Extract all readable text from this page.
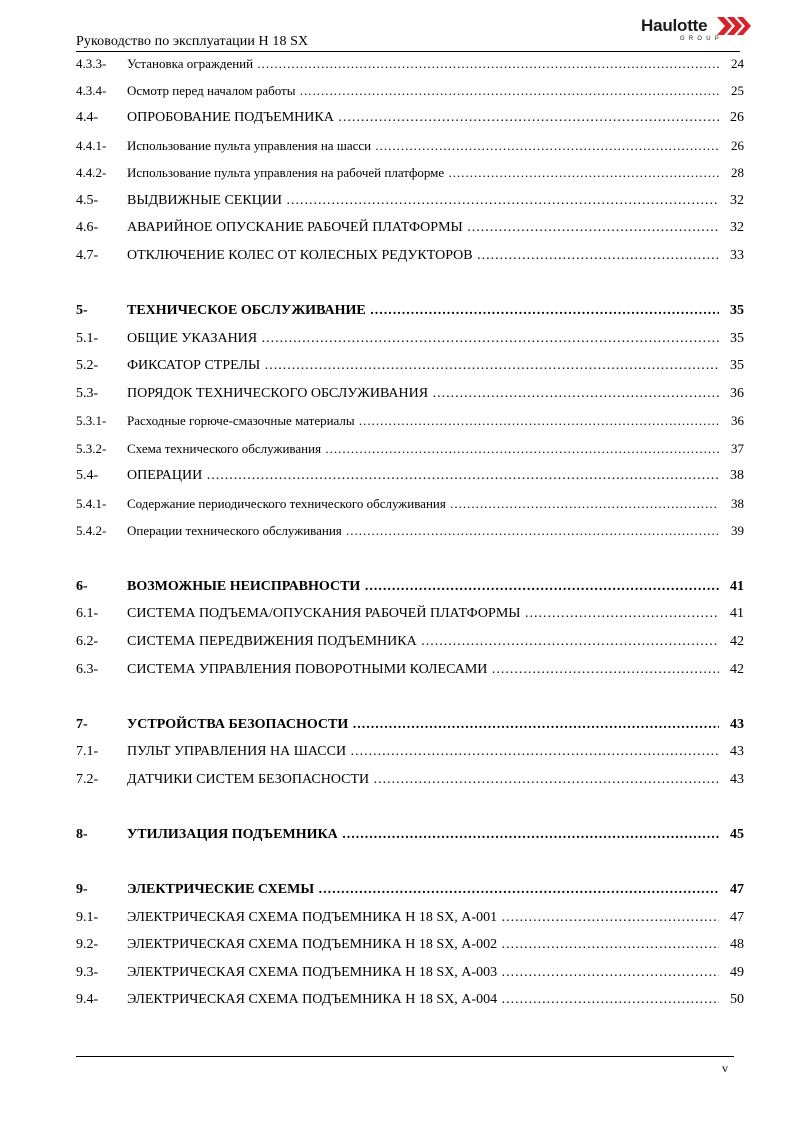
Руководство по эксплуатации Н 18 SX
Haulotte
GROUP
4.3.3- Установка ограждений .....	24
4.3.4- Осмотр перед началом работы .....	25
4.4- ОПРОБОВАНИЕ ПОДЪЕМНИКА .....	26
4.4.1- Использование пульта управления на шасси .....	26
4.4.2- Использование пульта управления на рабочей платформе .....	28
4.5- ВЫДВИЖНЫЕ СЕКЦИИ .....	32
4.6- АВАРИЙНОЕ ОПУСКАНИЕ РАБОЧЕЙ ПЛАТФОРМЫ .....	32
4.7- ОТКЛЮЧЕНИЕ КОЛЕС ОТ КОЛЕСНЫХ РЕДУКТОРОВ .....	33
5-	ТЕХНИЧЕСКОЕ ОБСЛУЖИВАНИЕ .....	35
5.1- ОБЩИЕ УКАЗАНИЯ .....	35
5.2- ФИКСАТОР СТРЕЛЫ .....	35
5.3- ПОРЯДОК ТЕХНИЧЕСКОГО ОБСЛУЖИВАНИЯ .....	36
5.3.1- Расходные горюче-смазочные материалы .....	36
5.3.2- Схема технического обслуживания .....	37
5.4- ОПЕРАЦИИ .....	38
5.4.1- Содержание периодического технического обслуживания .....	38
5.4.2- Операции технического обслуживания .....	39
6-	ВОЗМОЖНЫЕ НЕИСПРАВНОСТИ .....	41
6.1- СИСТЕМА ПОДЪЕМА/ОПУСКАНИЯ РАБОЧЕЙ ПЛАТФОРМЫ .....	41
6.2- СИСТЕМА ПЕРЕДВИЖЕНИЯ ПОДЪЕМНИКА .....	42
6.3- СИСТЕМА УПРАВЛЕНИЯ ПОВОРОТНЫМИ КОЛЕСАМИ .....	42
7-	УСТРОЙСТВА БЕЗОПАСНОСТИ .....	43
7.1- ПУЛЬТ УПРАВЛЕНИЯ НА ШАССИ .....	43
7.2- ДАТЧИКИ СИСТЕМ БЕЗОПАСНОСТИ .....	43
8-	УТИЛИЗАЦИЯ ПОДЪЕМНИКА .....	45
9-	ЭЛЕКТРИЧЕСКИЕ СХЕМЫ .....	47
9.1- ЭЛЕКТРИЧЕСКАЯ СХЕМА ПОДЪЕМНИКА Н 18 SX, А-001 .....	47
9.2- ЭЛЕКТРИЧЕСКАЯ СХЕМА ПОДЪЕМНИКА Н 18 SX, А-002 .....	48
9.3- ЭЛЕКТРИЧЕСКАЯ СХЕМА ПОДЪЕМНИКА Н 18 SX, А-003 .....	49
9.4- ЭЛЕКТРИЧЕСКАЯ СХЕМА ПОДЪЕМНИКА Н 18 SX, А-004 .....	50
v
